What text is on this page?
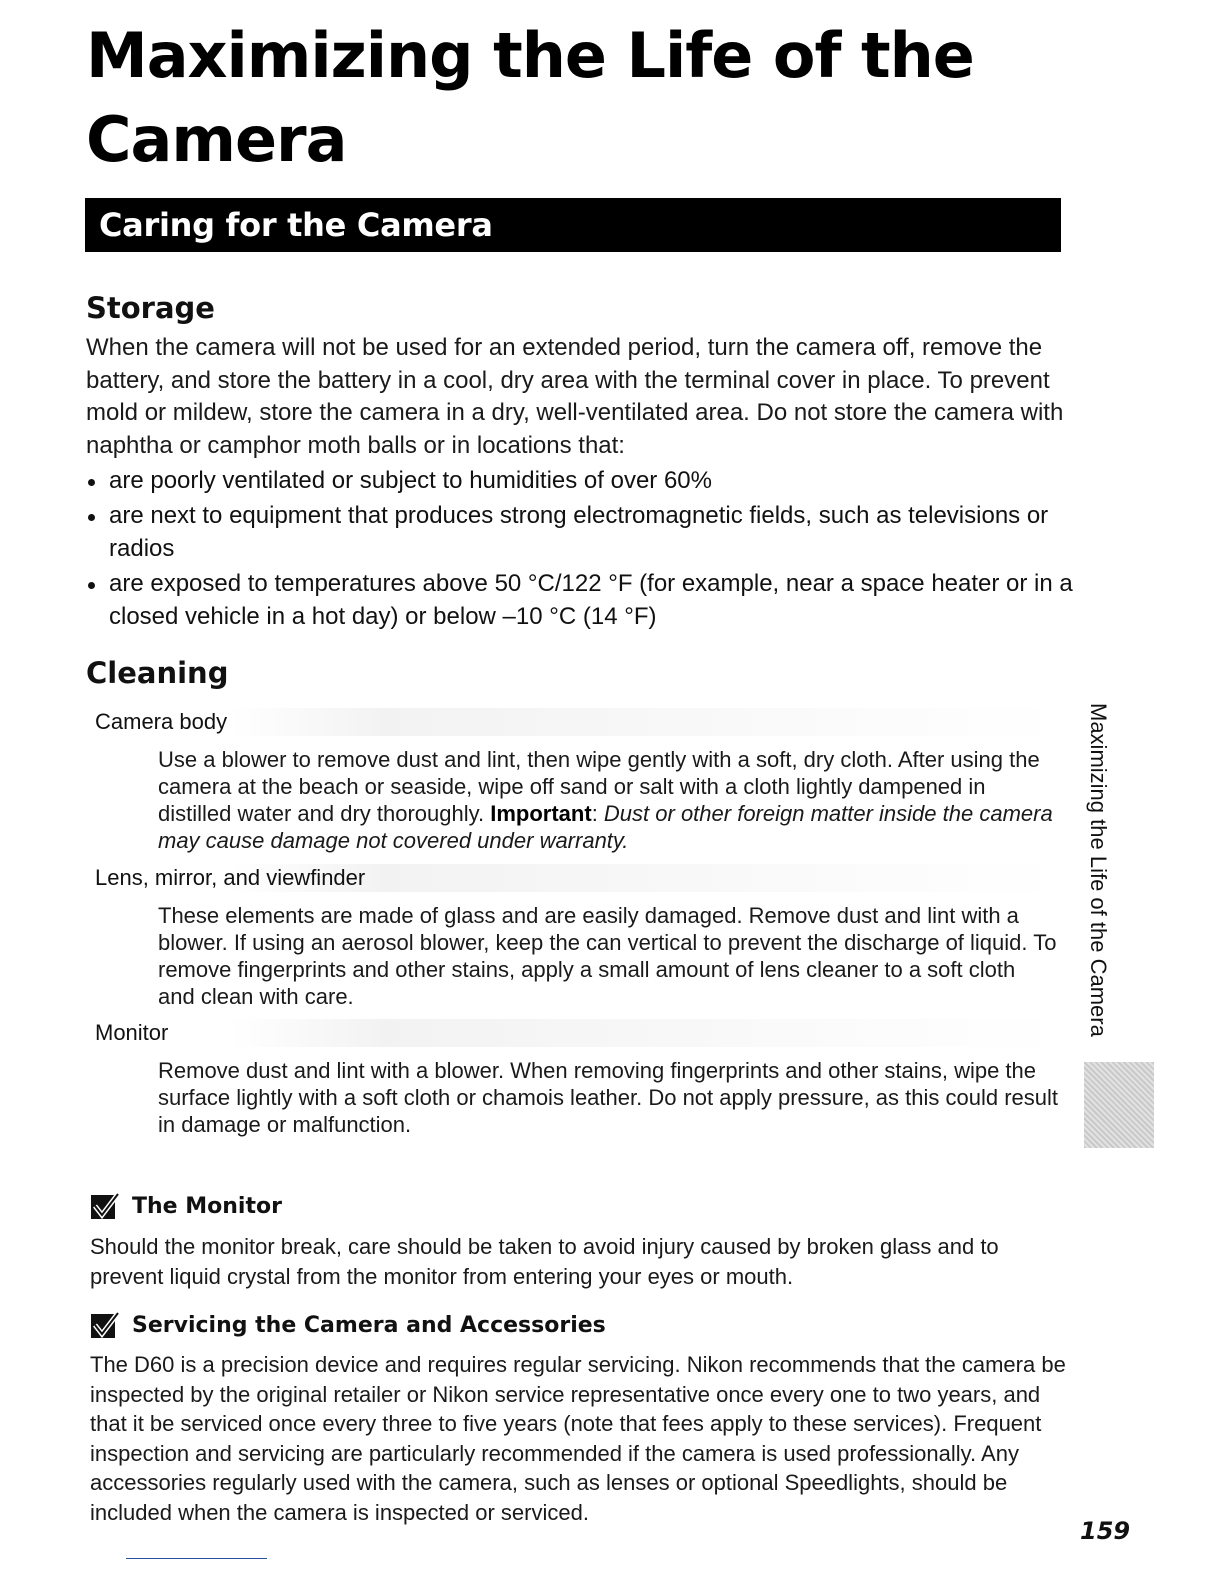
Maximizing the Life of the Camera
Caring for the Camera
Storage

When the camera will not be used for an extended period, turn the camera off, remove the battery, and store the battery in a cool, dry area with the terminal cover in place. To prevent mold or mildew, store the camera in a dry, well-ventilated area. Do not store the camera with naphtha or camphor moth balls or in locations that:

are poorly ventilated or subject to humidities of over 60%
are next to equipment that produces strong electromagnetic fields, such as televisions or radios
are exposed to temperatures above 50 °C/122 °F (for example, near a space heater or in a closed vehicle in a hot day) or below –10 °C (14 °F)
Cleaning
Camera body

Use a blower to remove dust and lint, then wipe gently with a soft, dry cloth. After using the camera at the beach or seaside, wipe off sand or salt with a cloth lightly dampened in distilled water and dry thoroughly. Important: Dust or other foreign matter inside the camera may cause damage not covered under warranty.

Lens, mirror, and viewfinder

These elements are made of glass and are easily damaged. Remove dust and lint with a blower. If using an aerosol blower, keep the can vertical to prevent the discharge of liquid. To remove fingerprints and other stains, apply a small amount of lens cleaner to a soft cloth and clean with care.

Monitor

Remove dust and lint with a blower. When removing fingerprints and other stains, wipe the surface lightly with a soft cloth or chamois leather. Do not apply pressure, as this could result in damage or malfunction.

The Monitor

Should the monitor break, care should be taken to avoid injury caused by broken glass and to prevent liquid crystal from the monitor from entering your eyes or mouth.

Servicing the Camera and Accessories

The D60 is a precision device and requires regular servicing. Nikon recommends that the camera be inspected by the original retailer or Nikon service representative once every one to two years, and that it be serviced once every three to five years (note that fees apply to these services). Frequent inspection and servicing are particularly recommended if the camera is used professionally. Any accessories regularly used with the camera, such as lenses or optional Speedlights, should be included when the camera is inspected or serviced.

Maximizing the Life of the Camera
159
